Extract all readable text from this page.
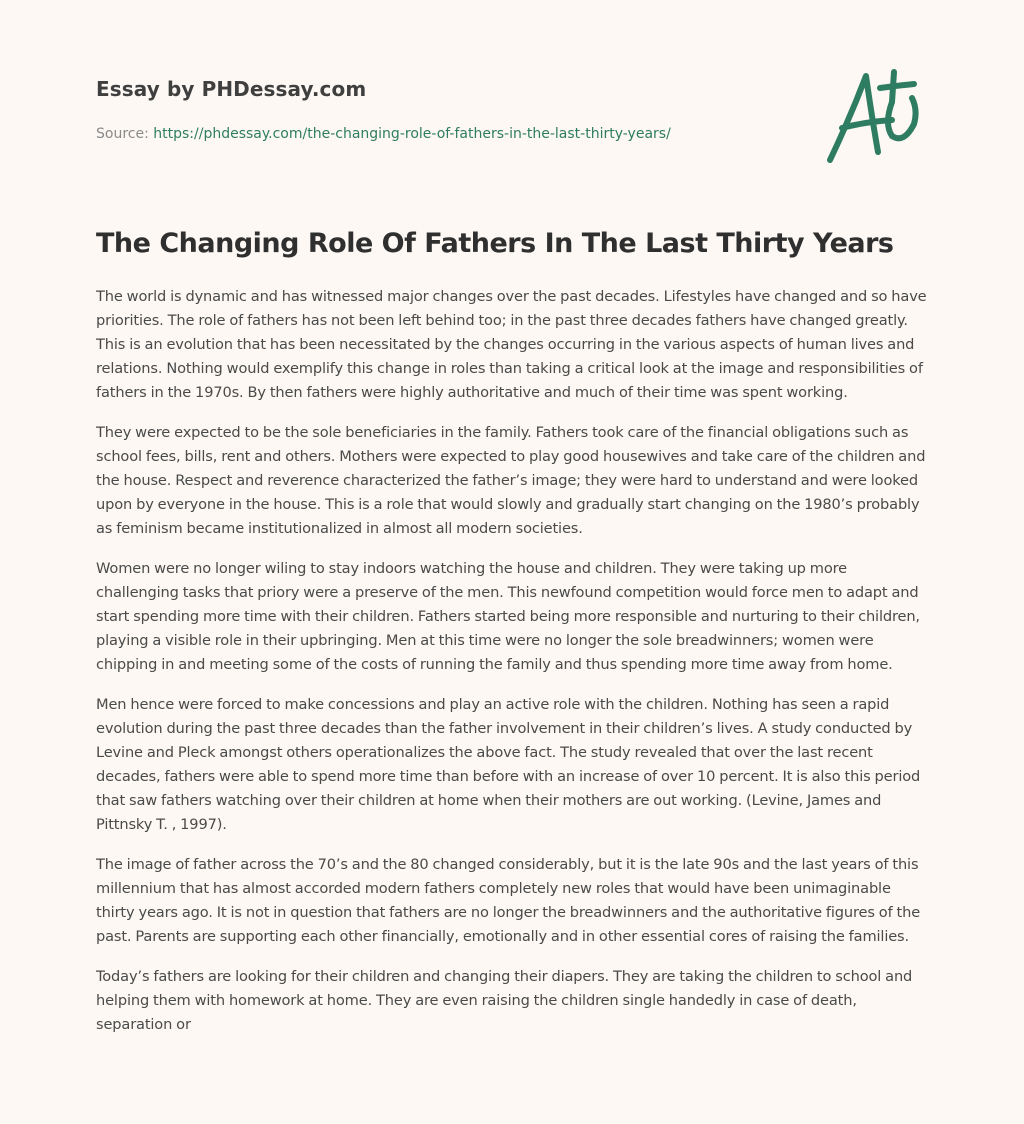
Essay by PHDessay.com
Source: https://phdessay.com/the-changing-role-of-fathers-in-the-last-thirty-years/
The Changing Role Of Fathers In The Last Thirty Years

The world is dynamic and has witnessed major changes over the past decades. Lifestyles have changed and so have priorities. The role of fathers has not been left behind too; in the past three decades fathers have changed greatly. This is an evolution that has been necessitated by the changes occurring in the various aspects of human lives and relations. Nothing would exemplify this change in roles than taking a critical look at the image and responsibilities of fathers in the 1970s. By then fathers were highly authoritative and much of their time was spent working.

They were expected to be the sole beneficiaries in the family. Fathers took care of the financial obligations such as school fees, bills, rent and others. Mothers were expected to play good housewives and take care of the children and the house. Respect and reverence characterized the father’s image; they were hard to understand and were looked upon by everyone in the house. This is a role that would slowly and gradually start changing on the 1980’s probably as feminism became institutionalized in almost all modern societies.

Women were no longer wiling to stay indoors watching the house and children. They were taking up more challenging tasks that priory were a preserve of the men. This newfound competition would force men to adapt and start spending more time with their children. Fathers started being more responsible and nurturing to their children, playing a visible role in their upbringing. Men at this time were no longer the sole breadwinners; women were chipping in and meeting some of the costs of running the family and thus spending more time away from home.

Men hence were forced to make concessions and play an active role with the children. Nothing has seen a rapid evolution during the past three decades than the father involvement in their children’s lives. A study conducted by Levine and Pleck amongst others operationalizes the above fact. The study revealed that over the last recent decades, fathers were able to spend more time than before with an increase of over 10 percent. It is also this period that saw fathers watching over their children at home when their mothers are out working. (Levine, James and Pittnsky T. , 1997).

The image of father across the 70’s and the 80 changed considerably, but it is the late 90s and the last years of this millennium that has almost accorded modern fathers completely new roles that would have been unimaginable thirty years ago. It is not in question that fathers are no longer the breadwinners and the authoritative figures of the past. Parents are supporting each other financially, emotionally and in other essential cores of raising the families.

Today’s fathers are looking for their children and changing their diapers. They are taking the children to school and helping them with homework at home. They are even raising the children single handedly in case of death, separation or
